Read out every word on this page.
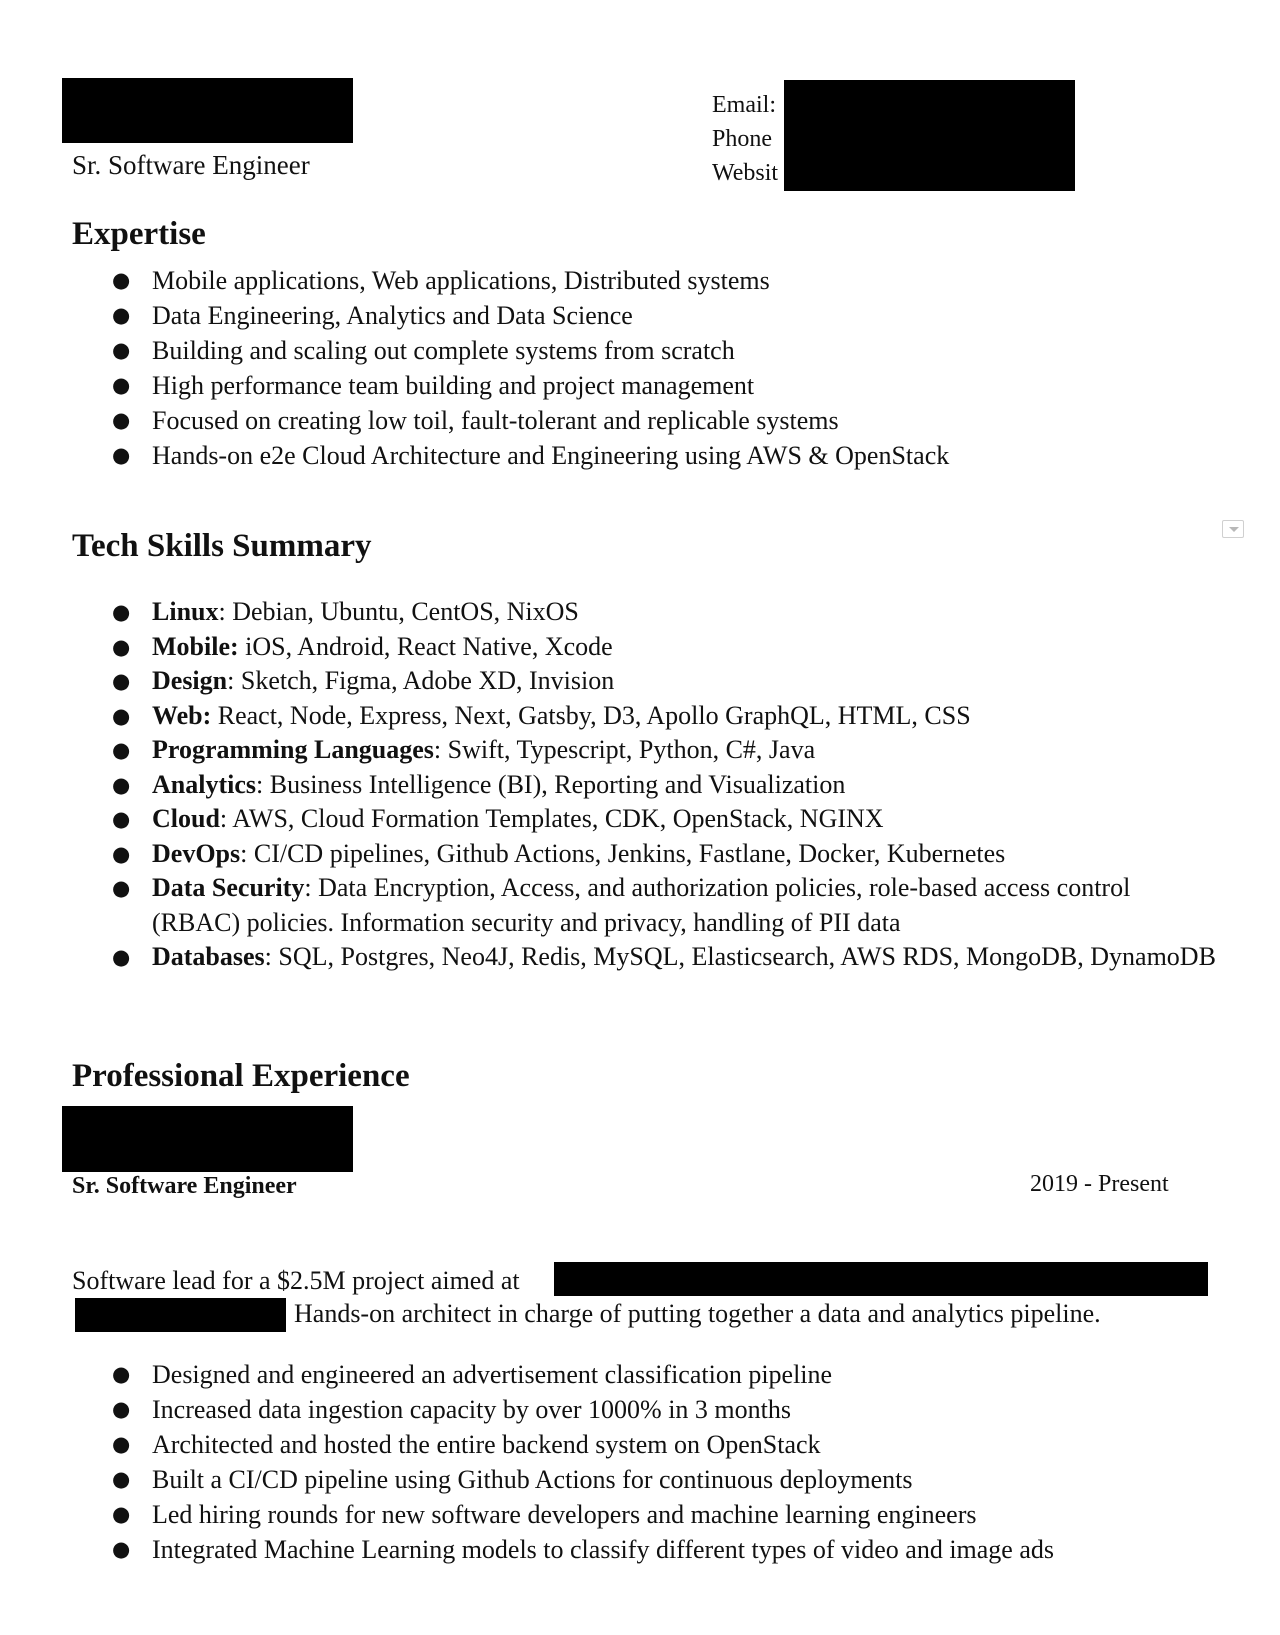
Sr. Software Engineer
Email:
Phone
Websit
Expertise
● Mobile applications, Web applications, Distributed systems
● Data Engineering, Analytics and Data Science
● Building and scaling out complete systems from scratch
● High performance team building and project management
● Focused on creating low toil, fault-tolerant and replicable systems
● Hands-on e2e Cloud Architecture and Engineering using AWS & OpenStack
Tech Skills Summary
● Linux: Debian, Ubuntu, CentOS, NixOS
● Mobile: iOS, Android, React Native, Xcode
● Design: Sketch, Figma, Adobe XD, Invision
● Web: React, Node, Express, Next, Gatsby, D3, Apollo GraphQL, HTML, CSS
● Programming Languages: Swift, Typescript, Python, C#, Java
● Analytics: Business Intelligence (BI), Reporting and Visualization
● Cloud: AWS, Cloud Formation Templates, CDK, OpenStack, NGINX
● DevOps: CI/CD pipelines, Github Actions, Jenkins, Fastlane, Docker, Kubernetes
● Data Security: Data Encryption, Access, and authorization policies, role-based access control (RBAC) policies. Information security and privacy, handling of PII data
● Databases: SQL, Postgres, Neo4J, Redis, MySQL, Elasticsearch, AWS RDS, MongoDB, DynamoDB
Professional Experience
Sr. Software Engineer	2019 - Present
Software lead for a $2.5M project aimed at
Hands-on architect in charge of putting together a data and analytics pipeline.
● Designed and engineered an advertisement classification pipeline
● Increased data ingestion capacity by over 1000% in 3 months
● Architected and hosted the entire backend system on OpenStack
● Built a CI/CD pipeline using Github Actions for continuous deployments
● Led hiring rounds for new software developers and machine learning engineers
● Integrated Machine Learning models to classify different types of video and image ads
